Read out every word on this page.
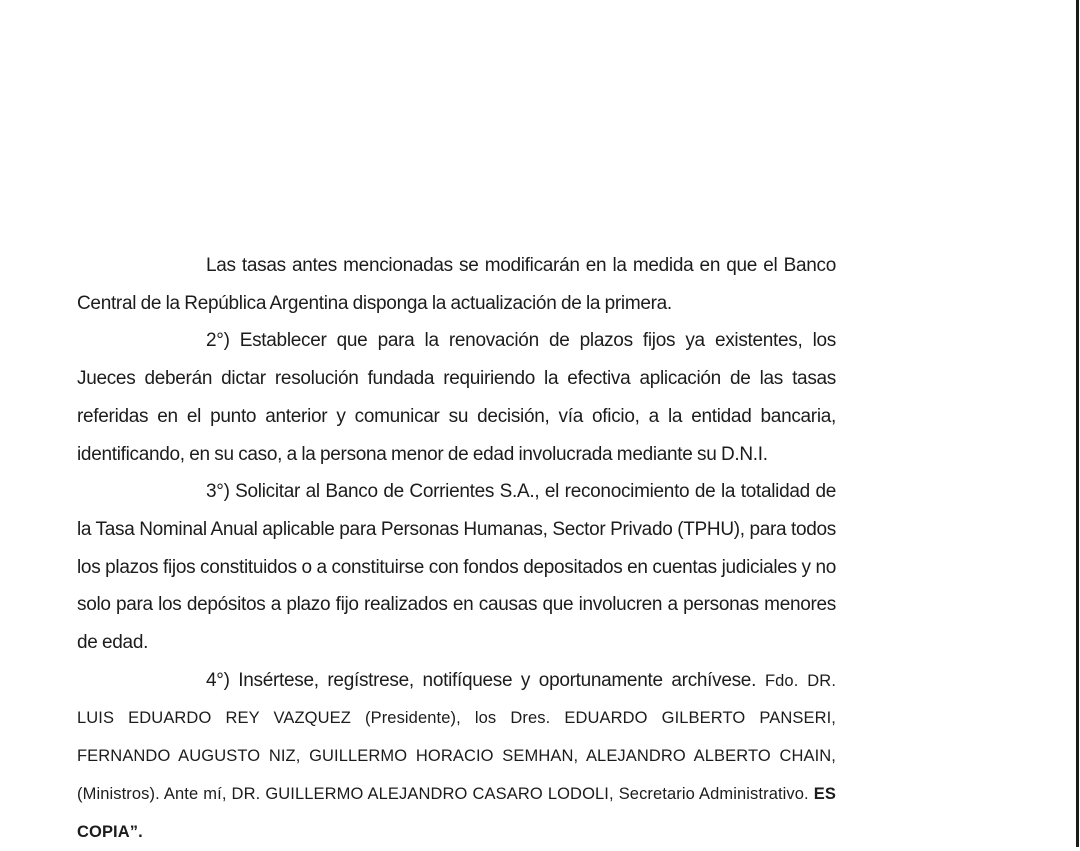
Las tasas antes mencionadas se modificarán en la medida en que el Banco Central de la República Argentina disponga la actualización de la primera.

2°) Establecer que para la renovación de plazos fijos ya existentes, los Jueces deberán dictar resolución fundada requiriendo la efectiva aplicación de las tasas referidas en el punto anterior y comunicar su decisión, vía oficio, a la entidad bancaria, identificando, en su caso, a la persona menor de edad involucrada mediante su D.N.I.

3°) Solicitar al Banco de Corrientes S.A., el reconocimiento de la totalidad de la Tasa Nominal Anual aplicable para Personas Humanas, Sector Privado (TPHU), para todos los plazos fijos constituidos o a constituirse con fondos depositados en cuentas judiciales y no solo para los depósitos a plazo fijo realizados en causas que involucren a personas menores de edad.

4°) Insértese, regístrese, notifíquese y oportunamente archívese. Fdo. DR. LUIS EDUARDO REY VAZQUEZ (Presidente), los Dres. EDUARDO GILBERTO PANSERI, FERNANDO AUGUSTO NIZ, GUILLERMO HORACIO SEMHAN, ALEJANDRO ALBERTO CHAIN, (Ministros). Ante mí, DR. GUILLERMO ALEJANDRO CASARO LODOLI, Secretario Administrativo. ES COPIA”.
